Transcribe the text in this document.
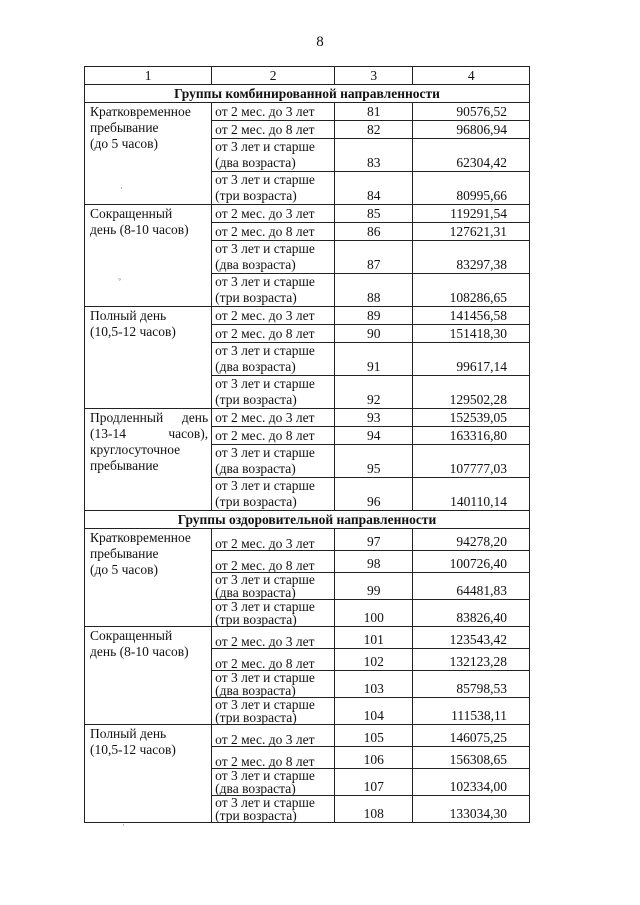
8
1	2	3	4
Группы комбинированной направленности			
Кратковременное
пребывание
(до 5 часов)	от 2 мес. до 3 лет	81	90576,52
	от 2 мес. до 8 лет	82	96806,94
	от 3 лет и старше
(два возраста)	83	62304,42
	от 3 лет и старше
(три возраста)	84	80995,66
Сокращенный
день (8-10 часов)	от 2 мес. до 3 лет	85	119291,54
	от 2 мес. до 8 лет	86	127621,31
	от 3 лет и старше
(два возраста)	87	83297,38
	от 3 лет и старше
(три возраста)	88	108286,65
Полный день
(10,5-12 часов)	от 2 мес. до 3 лет	89	141456,58
	от 2 мес. до 8 лет	90	151418,30
	от 3 лет и старше
(два возраста)	91	99617,14
	от 3 лет и старше
(три возраста)	92	129502,28
Продленный день (13-14 часов), круглосуточное пребывание	от 2 мес. до 3 лет	93	152539,05
	от 2 мес. до 8 лет	94	163316,80
	от 3 лет и старше
(два возраста)	95	107777,03
	от 3 лет и старше
(три возраста)	96	140110,14
Группы оздоровительной направленности			
Кратковременное
пребывание
(до 5 часов)	от 2 мес. до 3 лет	97	94278,20
	от 2 мес. до 8 лет	98	100726,40
	от 3 лет и старше
(два возраста)	99	64481,83
	от 3 лет и старше
(три возраста)	100	83826,40
Сокращенный
день (8-10 часов)	от 2 мес. до 3 лет	101	123543,42
	от 2 мес. до 8 лет	102	132123,28
	от 3 лет и старше
(два возраста)	103	85798,53
	от 3 лет и старше
(три возраста)	104	111538,11
Полный день
(10,5-12 часов)	от 2 мес. до 3 лет	105	146075,25
	от 2 мес. до 8 лет	106	156308,65
	от 3 лет и старше
(два возраста)	107	102334,00
	от 3 лет и старше
(три возраста)	108	133034,30
·
◦
·
